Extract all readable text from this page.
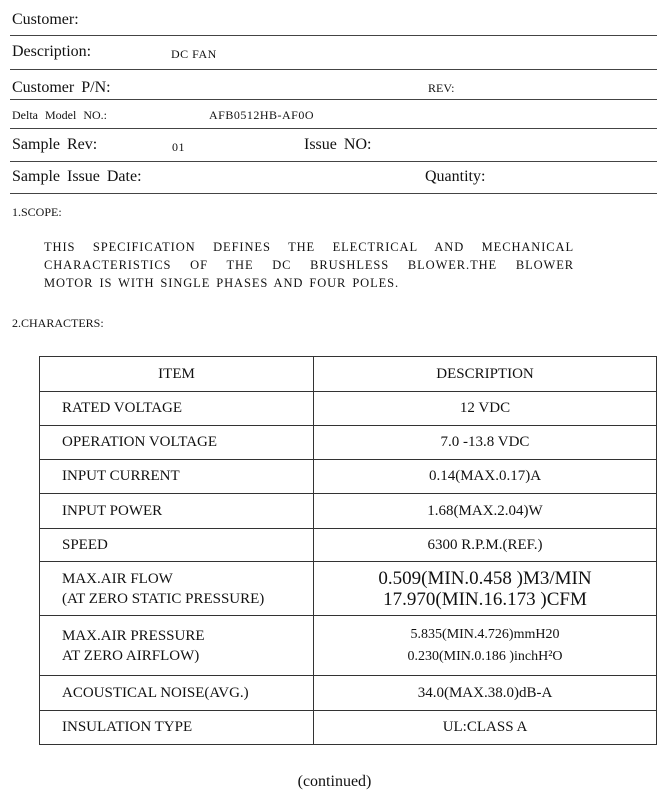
Customer:
Description:	DC FAN
Customer P/N:	REV:
Delta Model NO.:	AFB0512HB-AF0O
Sample Rev:	01	Issue NO:
Sample Issue Date:	Quantity:
1.SCOPE:
THIS SPECIFICATION DEFINES THE ELECTRICAL AND MECHANICAL
CHARACTERISTICS OF THE DC BRUSHLESS BLOWER.THE BLOWER
MOTOR IS WITH SINGLE PHASES AND FOUR POLES.
2.CHARACTERS:
ITEM	DESCRIPTION
RATED VOLTAGE	12 VDC
OPERATION VOLTAGE	7.0 -13.8 VDC
INPUT CURRENT	0.14(MAX.0.17)A
INPUT POWER	1.68(MAX.2.04)W
SPEED	6300 R.P.M.(REF.)

MAX.AIR FLOW
(AT ZERO STATIC PRESSURE)	0.509(MIN.0.458 )M3/MIN
17.970(MIN.16.173 )CFM

MAX.AIR PRESSURE
AT ZERO AIRFLOW)	5.835(MIN.4.726)mmH20
0.230(MIN.0.186 )inchH²O

ACOUSTICAL NOISE(AVG.)	34.0(MAX.38.0)dB-A
INSULATION TYPE	UL:CLASS A
(continued)
